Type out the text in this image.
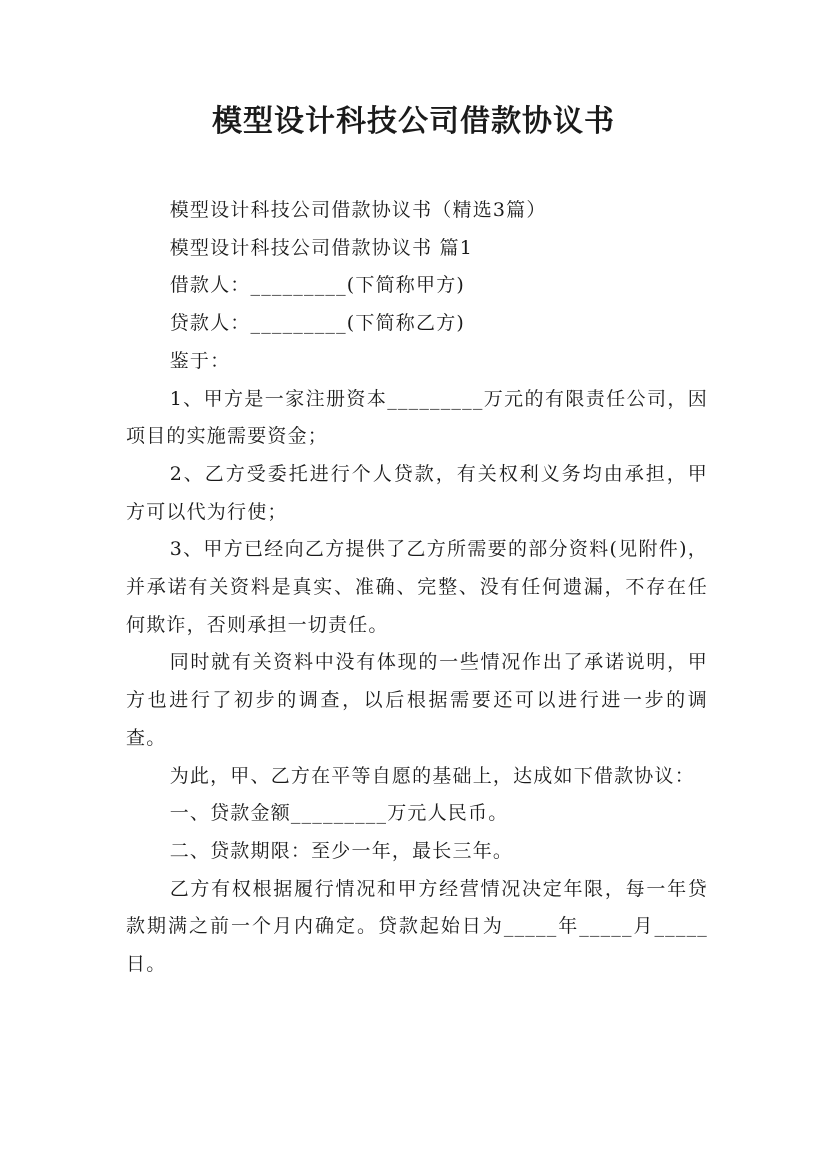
模型设计科技公司借款协议书

模型设计科技公司借款协议书（精选3篇）

模型设计科技公司借款协议书 篇1

借款人：_________(下简称甲方)

贷款人：_________(下简称乙方)

鉴于：

1、甲方是一家注册资本_________万元的有限责任公司，因项目的实施需要资金；

2、乙方受委托进行个人贷款，有关权利义务均由承担，甲方可以代为行使；

3、甲方已经向乙方提供了乙方所需要的部分资料(见附件)，并承诺有关资料是真实、准确、完整、没有任何遗漏，不存在任何欺诈，否则承担一切责任。

同时就有关资料中没有体现的一些情况作出了承诺说明，甲方也进行了初步的调查，以后根据需要还可以进行进一步的调查。

为此，甲、乙方在平等自愿的基础上，达成如下借款协议：

一、贷款金额_________万元人民币。

二、贷款期限：至少一年，最长三年。

乙方有权根据履行情况和甲方经营情况决定年限，每一年贷款期满之前一个月内确定。贷款起始日为_____年_____月_____日。
